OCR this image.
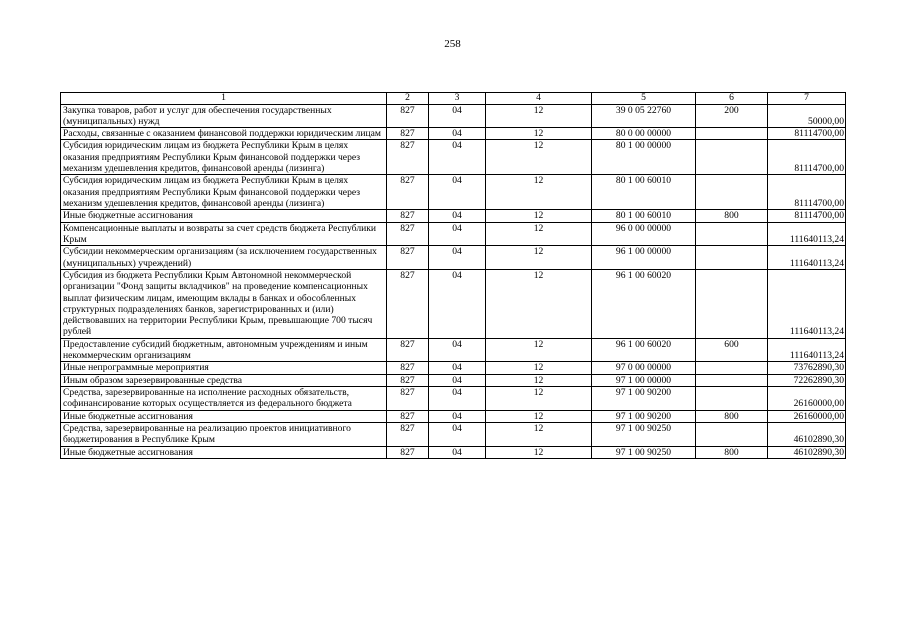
258
1	2	3	4	5	6	7
Закупка товаров, работ и услуг для обеспечения государственных (муниципальных) нужд	827	04	12	39 0 05 22760	200	50000,00
Расходы, связанные с оказанием финансовой поддержки юридическим лицам	827	04	12	80 0 00 00000		81114700,00
Субсидия юридическим лицам из бюджета Республики Крым в целях оказания предприятиям Республики Крым финансовой поддержки через механизм удешевления кредитов, финансовой аренды (лизинга)	827	04	12	80 1 00 00000		81114700,00
Субсидия юридическим лицам из бюджета Республики Крым в целях оказания предприятиям Республики Крым финансовой поддержки через механизм удешевления кредитов, финансовой аренды (лизинга)	827	04	12	80 1 00 60010		81114700,00
Иные бюджетные ассигнования	827	04	12	80 1 00 60010	800	81114700,00
Компенсационные выплаты и возвраты за счет средств бюджета Республики Крым	827	04	12	96 0 00 00000		111640113,24
Субсидии некоммерческим организациям (за исключением государственных (муниципальных) учреждений)	827	04	12	96 1 00 00000		111640113,24
Субсидия из бюджета Республики Крым Автономной некоммерческой организации "Фонд защиты вкладчиков" на проведение компенсационных выплат физическим лицам, имеющим вклады в банках и обособленных структурных подразделениях банков, зарегистрированных и (или) действовавших на территории Республики Крым, превышающие 700 тысяч рублей	827	04	12	96 1 00 60020		111640113,24
Предоставление субсидий бюджетным, автономным учреждениям и иным некоммерческим организациям	827	04	12	96 1 00 60020	600	111640113,24
Иные непрограммные мероприятия	827	04	12	97 0 00 00000		73762890,30
Иным образом зарезервированные средства	827	04	12	97 1 00 00000		72262890,30
Средства, зарезервированные на исполнение расходных обязательств, софинансирование которых осуществляется из федерального бюджета	827	04	12	97 1 00 90200		26160000,00
Иные бюджетные ассигнования	827	04	12	97 1 00 90200	800	26160000,00
Средства, зарезервированные на реализацию проектов инициативного бюджетирования в Республике Крым	827	04	12	97 1 00 90250		46102890,30
Иные бюджетные ассигнования	827	04	12	97 1 00 90250	800	46102890,30
